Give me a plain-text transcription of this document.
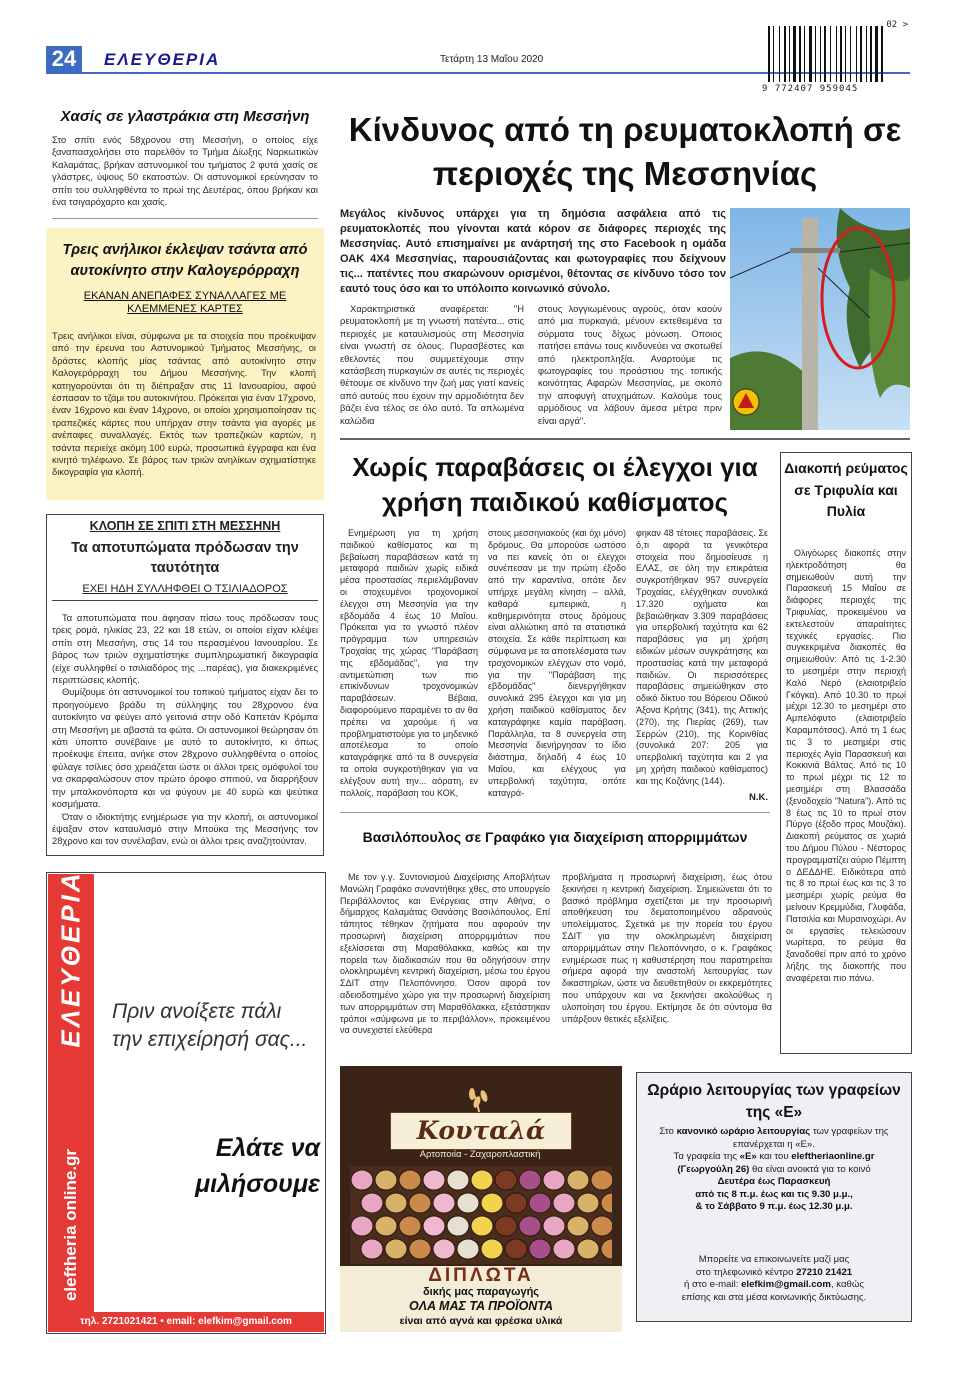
24	ΕΛΕΥΘΕΡΙΑ	Τετάρτη 13 Μαΐου 2020
9 772407 959045
02 >
Χασίς σε γλαστράκια στη Μεσσήνη

Στο σπίτι ενός 58χρονου στη Μεσσήνη, ο οποίος είχε ξαναπασχολήσει στο παρελθόν το Τμήμα Δίωξης Ναρκωτικών Καλαμάτας, βρήκαν αστυνομικοί του τμήματος 2 φυτά χασίς σε γλάστρες, ύψους 50 εκατοστών. Οι αστυνομικοί ερεύνησαν το σπίτι του συλληφθέντα το πρωί της Δευτέρας, όπου βρήκαν και ένα τσιγαρόχαρτο και χασίς.

Τρεις ανήλικοι έκλεψαν τσάντα από αυτοκίνητο στην Καλογερόρραχη
ΕΚΑΝΑΝ ΑΝΕΠΑΦΕΣ ΣΥΝΑΛΛΑΓΕΣ ΜΕ ΚΛΕΜΜΕΝΕΣ ΚΑΡΤΕΣ

Τρεις ανήλικοι είναι, σύμφωνα με τα στοιχεία που προέκυψαν από την έρευνα του Αστυνομικού Τμήματος Μεσσήνης, οι δράστες κλοπής μίας τσάντας από αυτοκίνητο στην Καλογερόρραχη του Δήμου Μεσσήνης. Την κλοπή κατηγορούνται ότι τη διέπραξαν στις 11 Ιανουαρίου, αφού έσπασαν το τζάμι του αυτοκινήτου. Πρόκειται για έναν 17χρονο, έναν 16χρονο και έναν 14χρονο, οι οποίοι χρησιμοποίησαν τις τραπεζικές κάρτες που υπήρχαν στην τσάντα για αγορές με ανέπαφες συναλλαγές. Εκτός των τραπεζικών καρτών, η τσάντα περιείχε ακόμη 100 ευρώ, προσωπικά έγγραφα και ένα κινητό τηλέφωνο. Σε βάρος των τριών ανηλίκων σχηματίστηκε δικογραφία για κλοπή.

ΚΛΟΠΗ ΣΕ ΣΠΙΤΙ ΣΤΗ ΜΕΣΣΗΝΗ
Τα αποτυπώματα πρόδωσαν την ταυτότητα
ΕΧΕΙ ΗΔΗ ΣΥΛΛΗΦΘΕΙ Ο ΤΣΙΛΙΑΔΟΡΟΣ

Τα αποτυπώματα που άφησαν πίσω τους πρόδωσαν τους τρεις ρομά, ηλικίας 23, 22 και 18 ετών, οι οποίοι είχαν κλέψει σπίτι στη Μεσσήνη, στις 14 του περασμένου Ιανουαρίου. Σε βάρος των τριών σχηματίστηκε συμπληρωματική δικογραφία (είχε συλληφθεί ο τσιλιαδόρος της ...παρέας), για διακεκριμένες περιπτώσεις κλοπής.

Θυμίζουμε ότι αστυνομικοί του τοπικού τμήματος είχαν δει το προηγούμενο βράδυ τη σύλληψης του 28χρονου ένα αυτοκίνητο να φεύγει από γειτονιά στην οδό Καπετάν Κρόμπα στη Μεσσήνη με αβαστά τα φώτα. Οι αστυνομικοί θεώρησαν ότι κάτι ύποπτο συνέβαινε με αυτό το αυτοκίνητο, κι όπως προέκυψε έπειτα, ανήκε στον 28χρονο συλληφθέντα ο οποίος φύλαγε τσίλιες όσο χρειάζεται ώστε οι άλλοι τρεις ομόφυλοί του να σκαρφαλώσουν στον πρώτο όροφο σπιτιού, να διαρρήξουν την μπαλκονόπορτα και να φύγουν με 40 ευρώ και ψεύτικα κοσμήματα.

Όταν ο ιδιοκτήτης ενημέρωσε για την κλοπή, οι αστυνομικοί έψαξαν στον καταυλισμό στην Μπούκα της Μεσσήνης τον 28χρονο και τον συνέλαβαν, ενώ οι άλλοι τρεις αναζητούνταν.

ΕΛΕΥΘΕΡΙΑ
eleftheria online.gr
Πριν ανοίξετε πάλι την επιχείρησή σας...
Ελάτε να μιλήσουμε
τηλ. 2721021421 • email: elefkim@gmail.com
Κίνδυνος από τη ρευματοκλοπή σε περιοχές της Μεσσηνίας

Μεγάλος κίνδυνος υπάρχει για τη δημόσια ασφάλεια από τις ρευματοκλοπές που γίνονται κατά κόρον σε διάφορες περιοχές της Μεσσηνίας. Αυτό επισημαίνει με ανάρτησή της στο Facebook η ομάδα ΟΑΚ 4Χ4 Μεσσηνίας, παρουσιάζοντας και φωτογραφίες που δείχνουν τις... πατέντες που σκαρώνουν ορισμένοι, θέτοντας σε κίνδυνο τόσο τον εαυτό τους όσο και το υπόλοιπο κοινωνικό σύνολο.

Χαρακτηριστικά αναφέρεται: "Η ρευματοκλοπή με τη γνωστή πατέντα... στις περιοχές με καταυλισμούς στη Μεσσηνία είναι γνωστή σε όλους. Πυρασβέστες και εθελοντές που συμμετέχουμε στην κατάσβεση πυρκαγιών σε αυτές τις περιοχές θέτουμε σε κίνδυνο την ζωή μας γιατί κανείς από αυτούς που έχουν την αρμοδιότητα δεν βάζει ένα τέλος σε όλο αυτό. Τα απλωμένα καλώδια

στους λογγιωμένους αγρούς, όταν καούν από μια πυρκαγιά, μένουν εκτεθειμένα τα σύρματα τους δίχως μόνωση. Οποιος πατήσει επάνω τους κινδυνεύει να σκοτωθεί από ηλεκτροπληξία. Αναρτούμε τις φωτογραφίες του προάστιου της τοπικής κοινότητας Αφαρών Μεσσηνίας, με σκοπό την αποφυγή ατυχημάτων. Καλούμε τους αρμόδιους να λάβουν άμεσα μέτρα πριν είναι αργά".

Χωρίς παραβάσεις οι έλεγχοι για χρήση παιδικού καθίσματος

Ενημέρωση για τη χρήση παιδικού καθίσματος και τη βεβαίωση παραβάσεων κατά τη μεταφορά παιδιών χωρίς ειδικά μέσα προστασίας περιελάμβαναν οι στοχευμένοι τροχονομικοί έλεγχοι στη Μεσσηνία για την εβδομάδα 4 έως 10 Μαΐου. Πρόκειται για το γνωστό πλέον πρόγραμμα των υπηρεσιών Τροχαίας της χώρας "Παράβαση της εβδομάδας", για την αντιμετώπιση των πιο επικίνδυνων τροχονομικών παραβάσεων. Βέβαια, διαφορούμενο παραμένει το αν θα πρέπει να χαρούμε ή να προβληματιστούμε για το μηδενικό αποτέλεσμα το οποίο καταγράφηκε από τα 8 συνεργεία τα οποία συγκροτήθηκαν για να ελέγξουν αυτή την... αόρατη, εν πολλοίς, παράβαση του ΚΟΚ,

στους μεσσηνιακούς (και όχι μόνο) δρόμους. Θα μπορούσε ωστόσο να πει κανείς ότι οι έλεγχοι συνέπεσαν με την πρώτη έξοδο από την καραντίνα, οπότε δεν υπήρχε μεγάλη κίνηση – αλλά, καθαρά εμπειρικά, η καθημερινότητα στους δρόμους είναι αλλιώτικη από τα στατιστικά στοιχεία. Σε κάθε περίπτωση και σύμφωνα με τα αποτελέσματα των τροχονομικών ελέγχων στο νομό, για την "Παράβαση της εβδομάδας" διενεργήθηκαν συνολικά 295 έλεγχοι και για μη χρήση παιδικού καθίσματος δεν καταγράφηκε καμία παράβαση. Παράλληλα, τα 8 συνεργεία στη Μεσσηνία διενήργησαν το ίδιο διάστημα, δηλαδή 4 έως 10 Μαΐου, και ελέγχους για υπερβολική ταχύτητα, οπότε καταγρά-

φηκαν 48 τέτοιες παραβάσεις. Σε ό,τι αφορά τα γενικότερα στοιχεία που δημοσίευσε η ΕΛΑΣ, σε όλη την επικράτεια συγκροτήθηκαν 957 συνεργεία Τροχαίας, ελέγχθηκαν συνολικά 17.320 οχήματα και βεβαιώθηκαν 3.309 παραβάσεις για υπερβολική ταχύτητα και 62 παραβάσεις για μη χρήση ειδικών μέσων συγκράτησης και προστασίας κατά την μεταφορά παιδιών. Οι περισσότερες παραβάσεις σημειώθηκαν στο οδικό δίκτυο του Βόρειου Οδικού Άξονα Κρήτης (341), της Αττικής (270), της Πιερίας (269), των Σερρών (210), της Κορινθίας (συνολικά 207: 205 για υπερβολική ταχύτητα και 2 για μη χρήση παιδικού καθίσματος) και της Κοζάνης (144).

N.K.
Διακοπή ρεύματος σε Τριφυλία και Πυλία

Ολιγόωρες διακοπές στην ηλεκτροδότηση θα σημειωθούν αυτή την Παρασκευή 15 Μαΐου σε διάφορες περιοχές της Τριφυλίας, προκειμένου να εκτελεστούν απαραίτητες τεχνικές εργασίες. Πιο συγκεκριμένα διακοπές θα σημειωθούν: Από τις 1-2.30 το μεσημέρι στην περιοχή Καλό Νερό (ελαιοτριβείο Γκόγκα). Από 10.30 το πρωί μέχρι 12.30 το μεσημέρι στο Αμπελόφυτο (ελαιοτριβείο Καραμπότσος). Από τη 1 έως τις 3 το μεσημέρι στις περιοχές Αγία Παρασκευή και Κοκκινιά Βάλτας. Από τις 10 το πρωί μέχρι τις 12 το μεσημέρι στη Βλασσάδα (ξενοδοχείο "Natura"). Από τις 8 έως τις 10 το πρωί στον Πύργο (έξοδο προς Μουζάκι). Διακοπή ρεύματος σε χωριά του Δήμου Πύλου - Νέστορος προγραμματίζει αύριο Πέμπτη ο ΔΕΔΔΗΕ. Ειδικότερα από τις 8 το πρωί έως και τις 3 το μεσημέρι χωρίς ρεύμα θα μείνουν Κρεμμύδια, Γλυφάδα, Πατσιλία και Μυρσινοχώρι. Αν οι εργασίες τελειώσουν νωρίτερα, το ρεύμα θα ξαναδοθεί πριν από το χρόνο λήξης της διακοπής που αναφέρεται πιο πάνω.

Βασιλόπουλος σε Γραφάκο για διαχείριση απορριμμάτων

Με τον γ.γ. Συντονισμού Διαχείρισης Αποβλήτων Μανώλη Γραφάκο συναντήθηκε χθες, στο υπουργείο Περιβάλλοντος και Ενέργειας στην Αθήνα, ο δήμαρχος Καλαμάτας Θανάσης Βασιλόπουλος. Επί τάπητος τέθηκαν ζητήματα που αφορούν την προσωρινή διαχείριση απορριμμάτων που εξελίσσεται στη Μαραθόλακκα, καθώς και την πορεία των διαδικασιών που θα οδηγήσουν στην ολοκληρωμένη κεντρική διαχείριση, μέσω του έργου ΣΔΙΤ στην Πελοπόννησο. Όσον αφορά τον αδειοδοτημένο χώρο για την προσωρινή διαχείριση των απορριμμάτων στη Μαραθόλακκα, εξετάστηκαν τρόποι «σύμφωνα με το περιβάλλον», προκειμένου να συνεχιστεί ελεύθερα

προβλήματα η προσωρινή διαχείριση, έως ότου ξεκινήσει η κεντρική διαχείριση. Σημειώνεται ότι το βασικό πρόβλημα σχετίζεται με την προσωρινή αποθήκευση του δεματοποιημένου αδρανούς υπολείμματος. Σχετικά με την πορεία του έργου ΣΔΙΤ για την ολοκληρωμένη διαχείριση απορριμμάτων στην Πελοπόννησο, ο κ. Γραφάκος ενημέρωσε πως η καθυστέρηση που παρατηρείται σήμερα αφορά την αναστολή λειτουργίας των δικαστηρίων, ώστε να διευθετηθούν οι εκκρεμότητες που υπάρχουν και να ξεκινήσει ακολούθως η υλοποίηση του έργου. Εκτίμησε δε ότι σύντομα θα υπάρξουν θετικές εξελίξεις.

Κουταλά
Αρτοποιία - Ζαχαροπλαστική
ΔΙΠΛΩΤΑ
δικής μας παραγωγής
ΟΛΑ ΜΑΣ ΤΑ ΠΡΟΪΟΝΤΑ
είναι από αγνά και φρέσκα υλικά
Ωράριο λειτουργίας των γραφείων της «Ε»
Στο κανονικό ωράριο λειτουργίας των γραφείων της επανέρχεται η «Ε».
Τα γραφεία της «Ε» και του eleftheriaonline.gr (Γεωργούλη 26) θα είναι ανοικτά για το κοινό
Δευτέρα έως Παρασκευή
από τις 8 π.μ. έως και τις 9.30 μ.μ.,
& το Σάββατο 9 π.μ. έως 12.30 μ.μ.
Μπορείτε να επικοινωνείτε μαζί μας
στο τηλεφωνικό κέντρο 27210 21421
ή στο e-mail: elefkim@gmail.com, καθώς
επίσης και στα μέσα κοινωνικής δικτύωσης.
